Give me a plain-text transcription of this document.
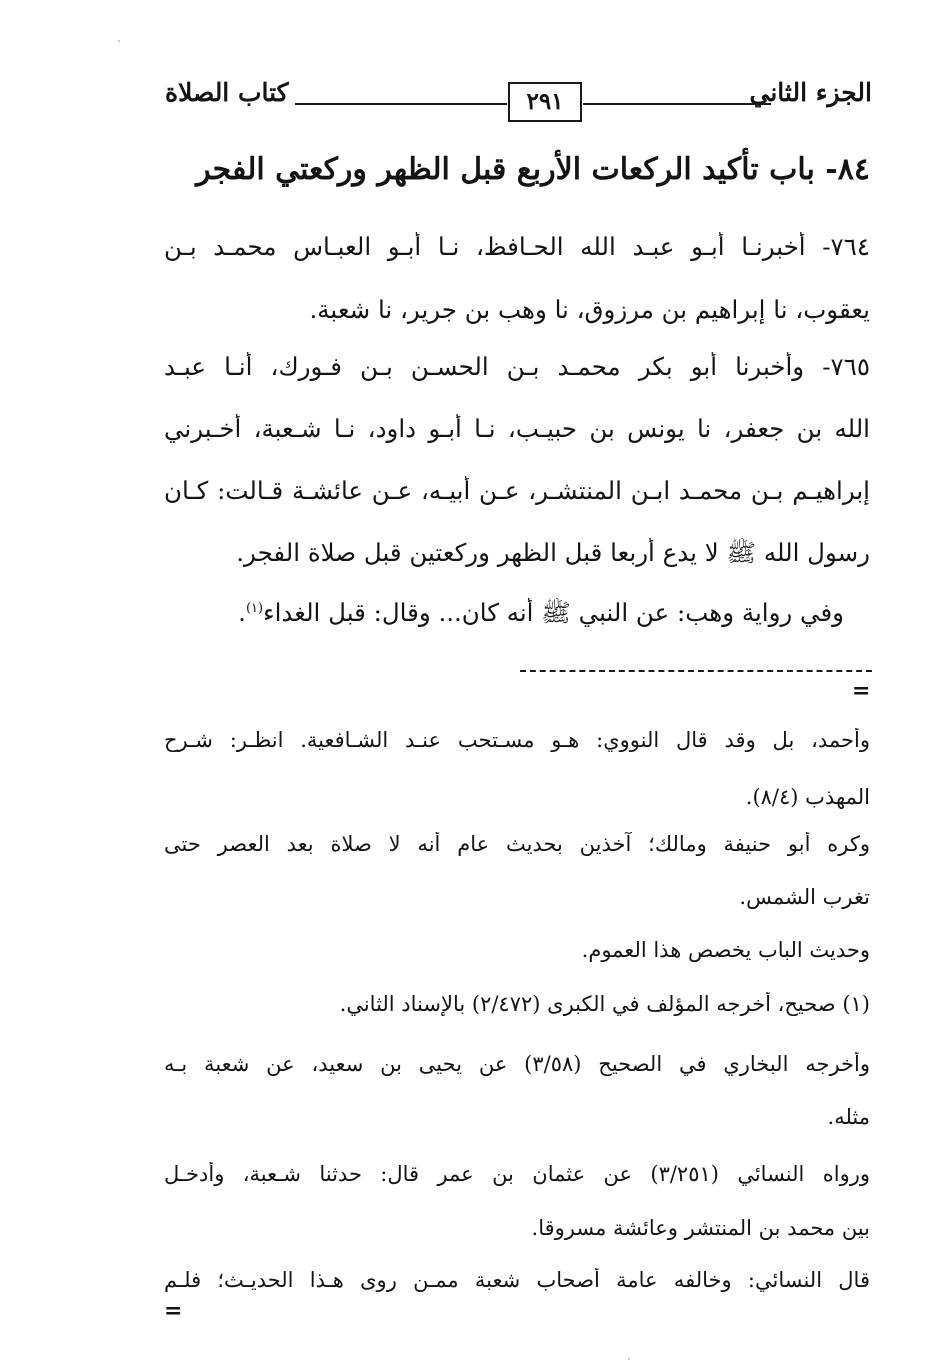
الجزء الثاني
٢٩١
كتاب الصلاة
٨٤- باب تأكيد الركعات الأربع قبل الظهر وركعتي الفجر
٧٦٤- أخبرنـا أبـو عبـد الله الحـافظ، نـا أبـو العبـاس محمـد بـن
يعقوب، نا إبراهيم بن مرزوق، نا وهب بن جرير، نا شعبة.
٧٦٥- وأخبرنا أبو بكر محمـد بـن الحسـن بـن فـورك، أنـا عبـد
الله بن جعفر، نا يونس بن حبيـب، نـا أبـو داود، نـا شـعبة، أخـبرني
إبراهيـم بـن محمـد ابـن المنتشـر، عـن أبيـه، عـن عائشـة قـالت: كـان
رسول الله ﷺ لا يدع أربعا قبل الظهر وركعتين قبل صلاة الفجر.
وفي رواية وهب: عن النبي ﷺ أنه كان... وقال: قبل الغداء$^{(١)}$.
=
وأحمد، بل وقد قال النووي: هـو مسـتحب عنـد الشـافعية. انظـر: شـرح
المهذب (٨/٤).
وكره أبو حنيفة ومالك؛ آخذين بحديث عام أنه لا صلاة بعد العصر حتى
تغرب الشمس.
وحديث الباب يخصص هذا العموم.
(١) صحيح، أخرجه المؤلف في الكبرى (٢/٤٧٢) بالإسناد الثاني.
وأخرجه البخاري في الصحيح (٣/٥٨) عن يحيى بن سعيد، عن شعبة بـه
مثله.
ورواه النسائي (٣/٢٥١) عن عثمان بن عمر قال: حدثنا شـعبة، وأدخـل
بين محمد بن المنتشر وعائشة مسروقا.
قال النسائي: وخالفه عامة أصحاب شعبة ممـن روى هـذا الحديـث؛ فلـم
=
